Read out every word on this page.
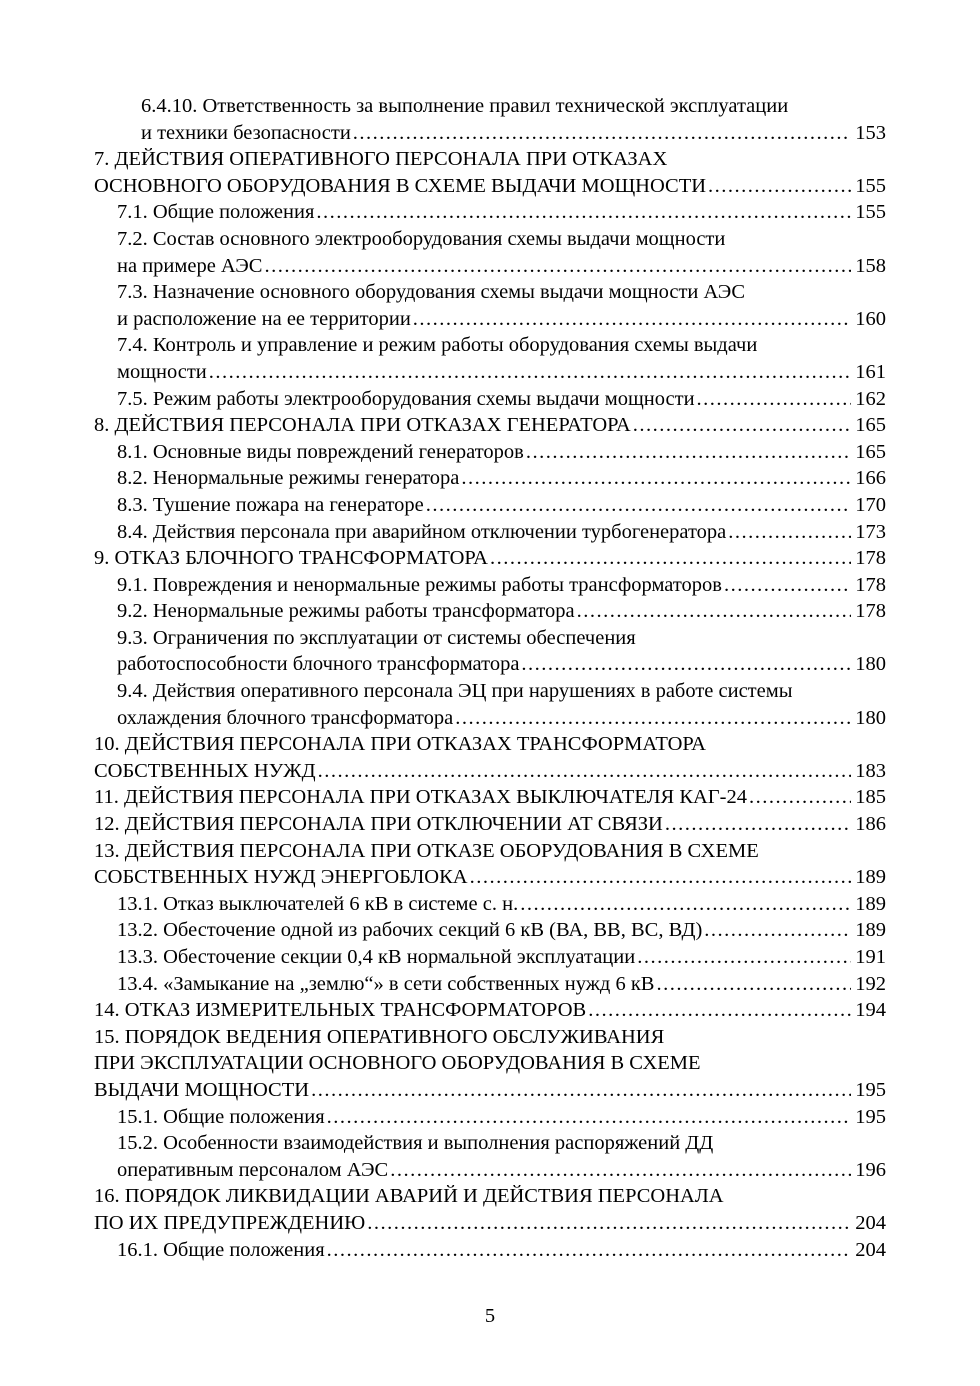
6.4.10. Ответственность за выполнение правил технической эксплуатации
и техники безопасности .....	153
7. ДЕЙСТВИЯ ОПЕРАТИВНОГО ПЕРСОНАЛА ПРИ ОТКАЗАХ
ОСНОВНОГО ОБОРУДОВАНИЯ В СХЕМЕ ВЫДАЧИ МОЩНОСТИ .....	155
7.1. Общие положения .....	155
7.2. Состав основного электрооборудования схемы выдачи мощности
на примере АЭС .....	158
7.3. Назначение основного оборудования схемы выдачи мощности АЭС
и расположение на ее территории .....	160
7.4. Контроль и управление и режим работы оборудования схемы выдачи
мощности .....	161
7.5. Режим работы электрооборудования схемы выдачи мощности .....	162
8. ДЕЙСТВИЯ ПЕРСОНАЛА ПРИ ОТКАЗАХ ГЕНЕРАТОРА .....	165
8.1. Основные виды повреждений генераторов .....	165
8.2. Ненормальные режимы генератора .....	166
8.3. Тушение пожара на генераторе .....	170
8.4. Действия персонала при аварийном отключении турбогенератора .....	173
9. ОТКАЗ БЛОЧНОГО ТРАНСФОРМАТОРА .....	178
9.1. Повреждения и ненормальные режимы работы трансформаторов .....	178
9.2. Ненормальные режимы работы трансформатора .....	178
9.3. Ограничения по эксплуатации от системы обеспечения
работоспособности блочного трансформатора .....	180
9.4. Действия оперативного персонала ЭЦ при нарушениях в работе системы
охлаждения блочного трансформатора .....	180
10. ДЕЙСТВИЯ ПЕРСОНАЛА ПРИ ОТКАЗАХ ТРАНСФОРМАТОРА
СОБСТВЕННЫХ НУЖД .....	183
11. ДЕЙСТВИЯ ПЕРСОНАЛА ПРИ ОТКАЗАХ ВЫКЛЮЧАТЕЛЯ КАГ-24 .....	185
12. ДЕЙСТВИЯ ПЕРСОНАЛА ПРИ ОТКЛЮЧЕНИИ АТ СВЯЗИ .....	186
13. ДЕЙСТВИЯ ПЕРСОНАЛА ПРИ ОТКАЗЕ ОБОРУДОВАНИЯ В СХЕМЕ
СОБСТВЕННЫХ НУЖД ЭНЕРГОБЛОКА .....	189
13.1. Отказ выключателей 6 кВ в системе с. н. .....	189
13.2. Обесточение одной из рабочих секций 6 кВ (ВА, ВВ, ВС, ВД) .....	189
13.3. Обесточение секции 0,4 кВ нормальной эксплуатации .....	191
13.4. «Замыкание на „землю“» в сети собственных нужд 6 кВ .....	192
14. ОТКАЗ ИЗМЕРИТЕЛЬНЫХ ТРАНСФОРМАТОРОВ .....	194
15. ПОРЯДОК ВЕДЕНИЯ ОПЕРАТИВНОГО ОБСЛУЖИВАНИЯ
ПРИ ЭКСПЛУАТАЦИИ ОСНОВНОГО ОБОРУДОВАНИЯ В СХЕМЕ
ВЫДАЧИ МОЩНОСТИ .....	195
15.1. Общие положения .....	195
15.2. Особенности взаимодействия и выполнения распоряжений ДД
оперативным персоналом АЭС .....	196
16. ПОРЯДОК ЛИКВИДАЦИИ АВАРИЙ И ДЕЙСТВИЯ ПЕРСОНАЛА
ПО ИХ ПРЕДУПРЕЖДЕНИЮ .....	204
16.1. Общие положения .....	204
5
